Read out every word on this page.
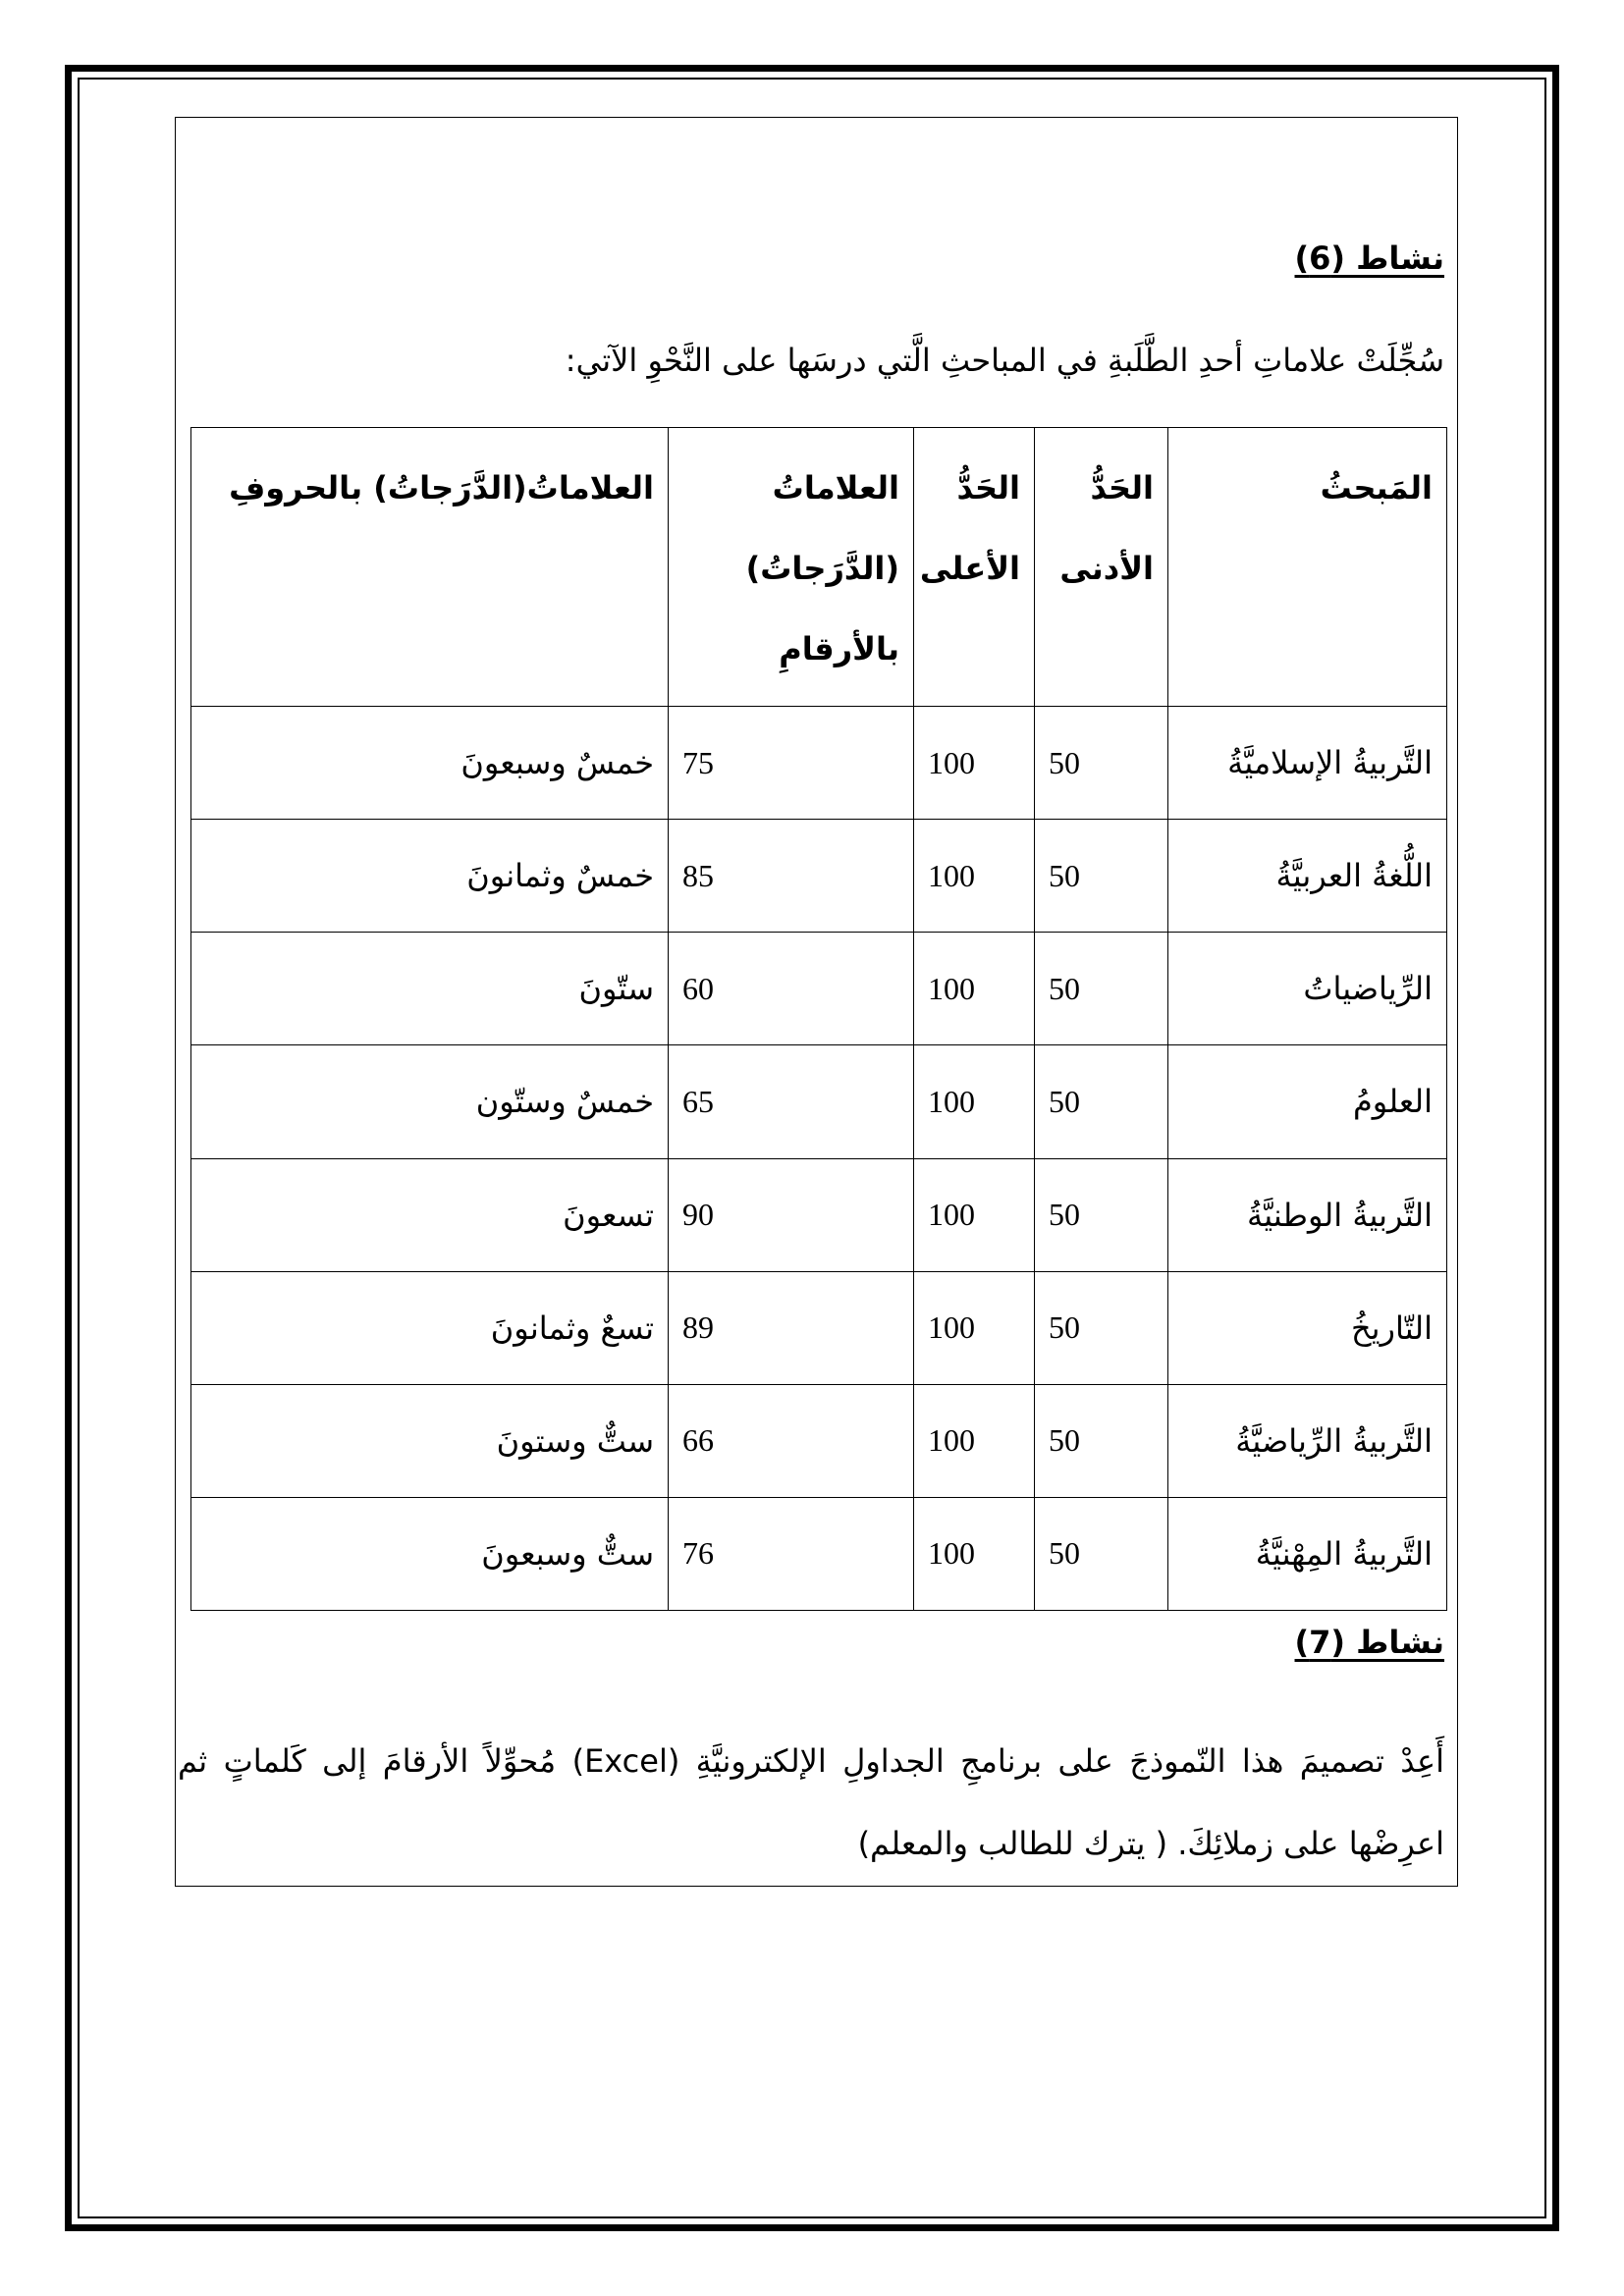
نشاط (6)
سُجِّلَتْ علاماتِ أحدِ الطَّلَبةِ في المباحثِ الَّتي درسَها على النَّحْوِ الآتي:
المَبحثُ	الحَدُّ الأدنى	الحَدُّ الأعلى	العلاماتُ (الدَّرَجاتُ) بالأرقامِ	العلاماتُ(الدَّرَجاتُ) بالحروفِ
التَّربيةُ الإسلاميَّةُ	50	100	75	خمسٌ وسبعونَ
اللُّغةُ العربيَّةُ	50	100	85	خمسٌ وثمانونَ
الرِّياضياتُ	50	100	60	ستّونَ
العلومُ	50	100	65	خمسٌ وستّون
التَّربيةُ الوطنيَّةُ	50	100	90	تسعونَ
التّاريخُ	50	100	89	تسعٌ وثمانونَ
التَّربيةُ الرِّياضيَّةُ	50	100	66	ستٌّ وستونَ
التَّربيةُ المِهْنيَّةُ	50	100	76	ستٌّ وسبعونَ
نشاط (7)
أَعِدْ تصميمَ هذا النّموذجَ على برنامجِ الجداولِ الإلكترونيَّةِ (Excel) مُحوِّلاً الأرقامَ إلى كَلماتٍ ثم اعرِضْها على زملائِكَ. ( يترك للطالب والمعلم)
